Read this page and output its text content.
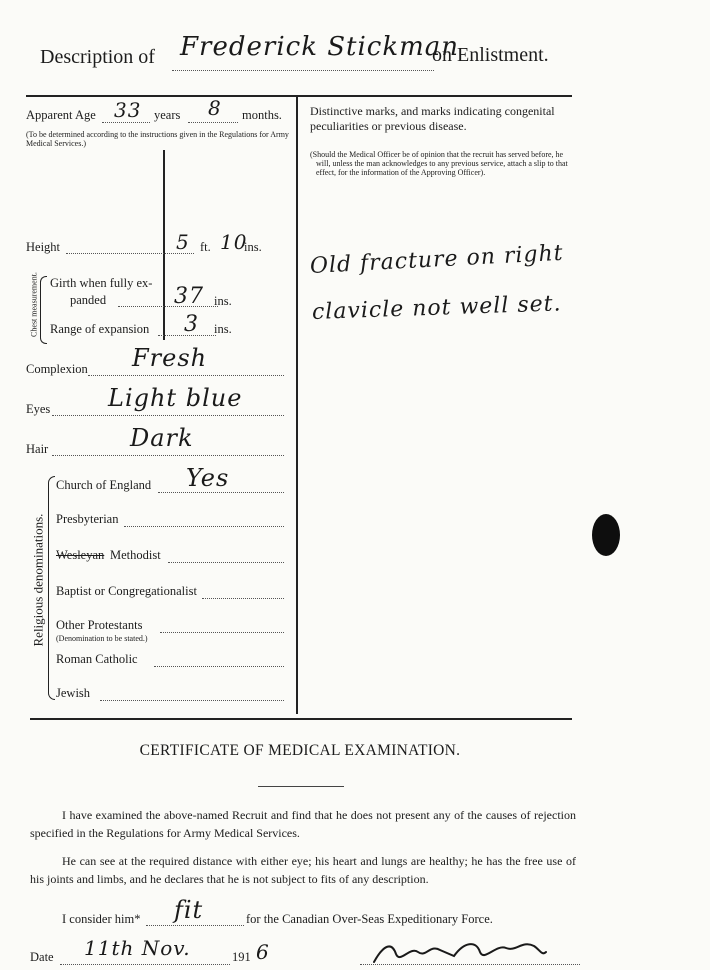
Description of Frederick Stickman
on Enlistment.
Apparent Age 33 years 8 months.
(To be determined according to the instructions given in the Regulations for Army Medical Services.)
Height	5 ft. 10
ins.
Chest measurement. Girth when fully ex-
panded	37 ins.
Range of expansion 3 ins.
Complexion Fresh
Eyes Light blue
Hair	Dark
Religious denominations.
Church of England Yes
Presbyterian
Wesleyan Methodist
Baptist or Congregationalist
Other Protestants
(Denomination to be stated.)
Roman Catholic
Jewish
Distinctive marks, and marks indicating congenital peculiarities or previous disease.
(Should the Medical Officer be of opinion that the recruit has served before, he will, unless the man acknowledges to any previous service, attach a slip to that effect, for the information of the Approving Officer).
Old fracture on right
clavicle not well set.
CERTIFICATE OF MEDICAL EXAMINATION.
I have examined the above-named Recruit and find that he does not present any of the causes of rejection specified in the Regulations for Army Medical Services.
He can see at the required distance with either eye; his heart and lungs are healthy; he has the free use of his joints and limbs, and he declares that he is not subject to fits of any description.
I consider him* fit	for the Canadian Over-Seas Expeditionary Force.
Date 11th Nov.	191 6
